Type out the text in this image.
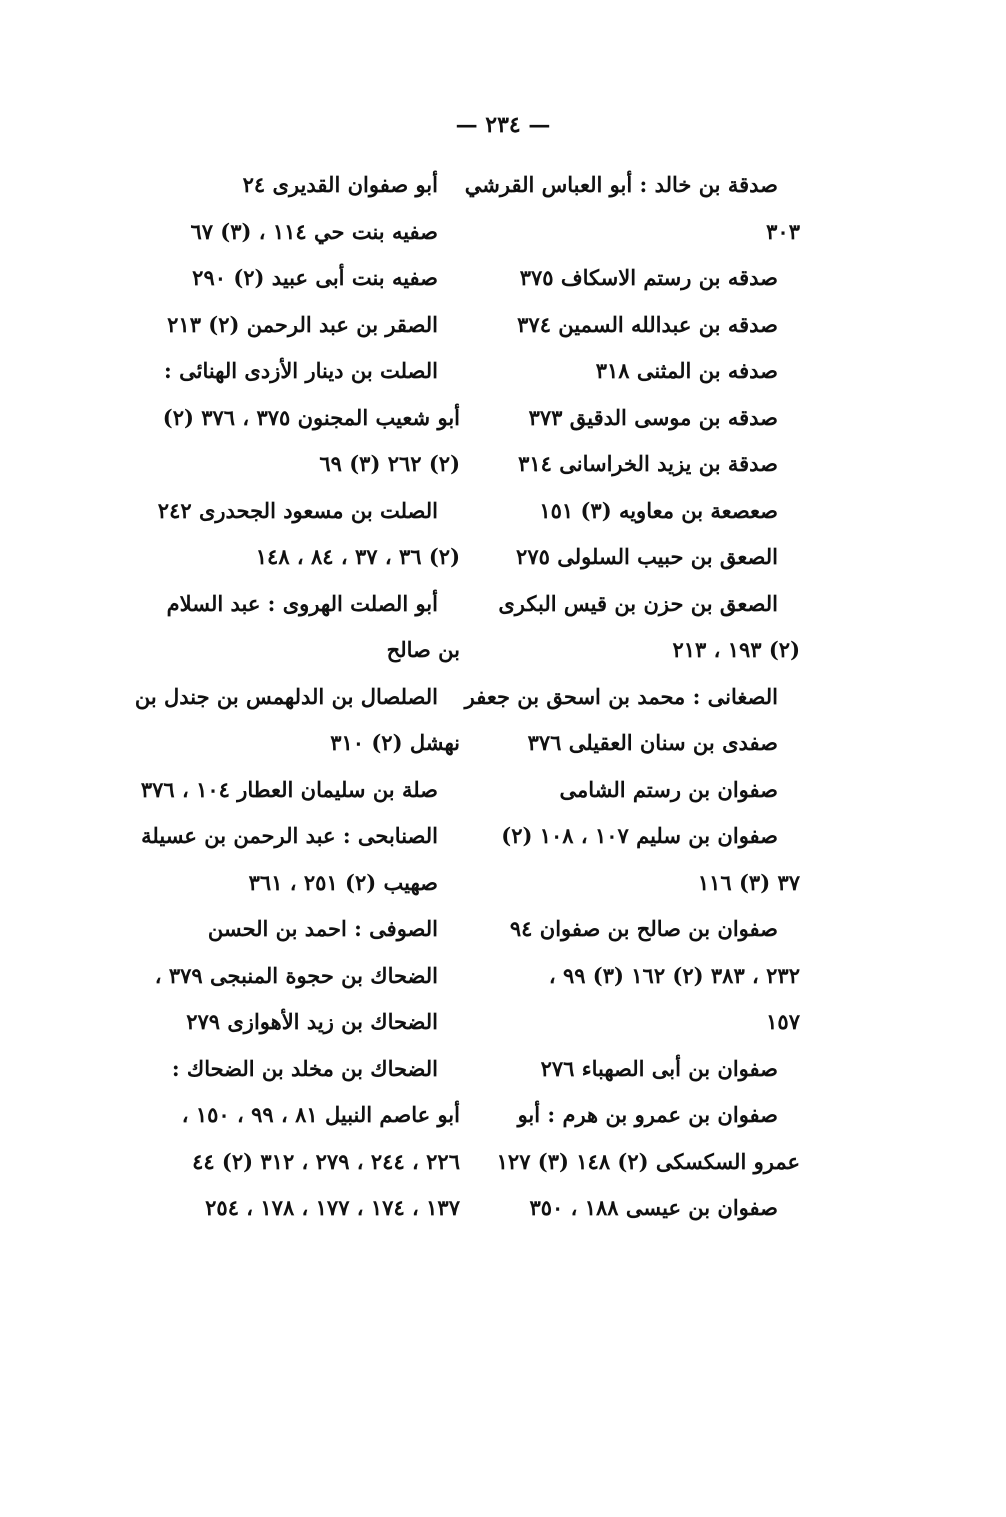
— ٢٣٤ —
صدقة بن خالد : أبو العباس القرشي
٣٠٣
صدقه بن رستم الاسكاف ٣٧٥
صدقه بن عبدالله السمين ٣٧٤
صدفه بن المثنى ٣١٨
صدقه بن موسى الدقيق ٣٧٣
صدقة بن يزيد الخراسانى ٣١٤
صعصعة بن معاويه (٣) ١٥١
الصعق بن حبيب السلولى ٢٧٥
الصعق بن حزن بن قيس البكرى
(٢) ١٩٣ ، ٢١٣
الصغانى : محمد بن اسحق بن جعفر
صفدى بن سنان العقيلى ٣٧٦
صفوان بن رستم الشامى
صفوان بن سليم ١٠٧ ، ١٠٨ (٢)
٣٧ (٣) ١١٦
صفوان بن صالح بن صفوان ٩٤
٢٣٢ ، ٣٨٣ (٢) ١٦٢ (٣) ٩٩ ،
١٥٧
صفوان بن أبى الصهباء ٢٧٦
صفوان بن عمرو بن هرم : أبو
عمرو السكسكى (٢) ١٤٨ (٣) ١٢٧
صفوان بن عيسى ١٨٨ ، ٣٥٠
أبو صفوان القديرى ٢٤
صفيه بنت حي ١١٤ ، (٣) ٦٧
صفيه بنت أبى عبيد (٢) ٢٩٠
الصقر بن عبد الرحمن (٢) ٢١٣
الصلت بن دينار الأزدى الهنائى :
أبو شعيب المجنون ٣٧٥ ، ٣٧٦ (٢)
(٢) ٢٦٢ (٣) ٦٩
الصلت بن مسعود الجحدرى ٢٤٢
(٢) ٣٦ ، ٣٧ ، ٨٤ ، ١٤٨
أبو الصلت الهروى : عبد السلام
بن صالح
الصلصال بن الدلهمس بن جندل بن
نهشل (٢) ٣١٠
صلة بن سليمان العطار ١٠٤ ، ٣٧٦
الصنابحى : عبد الرحمن بن عسيلة
صهيب (٢) ٢٥١ ، ٣٦١
الصوفى : احمد بن الحسن
الضحاك بن حجوة المنبجى ٣٧٩ ،
الضحاك بن زيد الأهوازى ٢٧٩
الضحاك بن مخلد بن الضحاك :
أبو عاصم النبيل ٨١ ، ٩٩ ، ١٥٠ ،
٢٢٦ ، ٢٤٤ ، ٢٧٩ ، ٣١٢ (٢) ٤٤
١٣٧ ، ١٧٤ ، ١٧٧ ، ١٧٨ ، ٢٥٤
